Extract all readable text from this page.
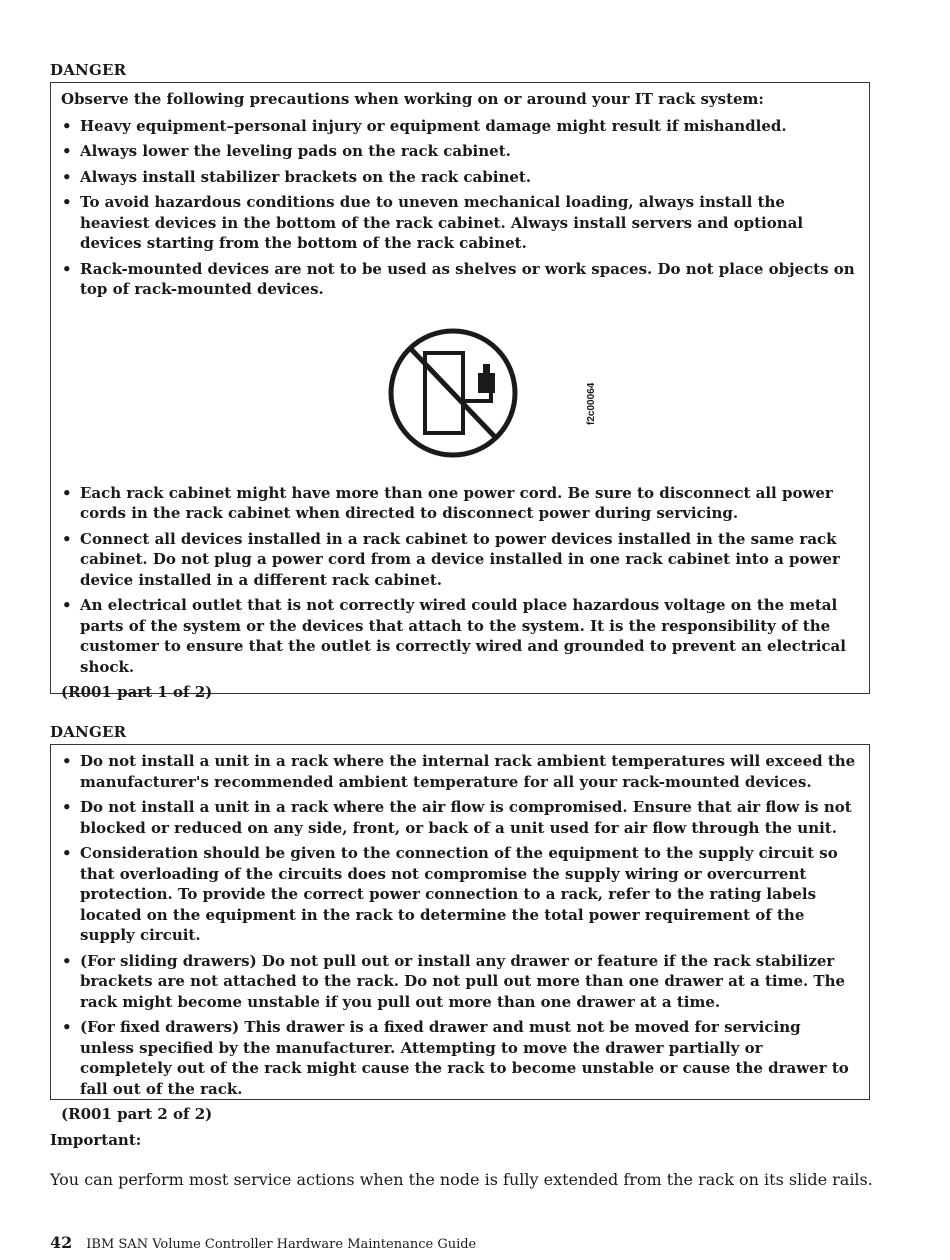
DANGER

Observe the following precautions when working on or around your IT rack system:

• Heavy equipment–personal injury or equipment damage might result if mishandled.
• Always lower the leveling pads on the rack cabinet.
• Always install stabilizer brackets on the rack cabinet.
• To avoid hazardous conditions due to uneven mechanical loading, always install the heaviest devices in the bottom of the rack cabinet. Always install servers and optional devices starting from the bottom of the rack cabinet.
• Rack-mounted devices are not to be used as shelves or work spaces. Do not place objects on top of rack-mounted devices.
f2c00064
• Each rack cabinet might have more than one power cord. Be sure to disconnect all power cords in the rack cabinet when directed to disconnect power during servicing.
• Connect all devices installed in a rack cabinet to power devices installed in the same rack cabinet. Do not plug a power cord from a device installed in one rack cabinet into a power device installed in a different rack cabinet.
• An electrical outlet that is not correctly wired could place hazardous voltage on the metal parts of the system or the devices that attach to the system. It is the responsibility of the customer to ensure that the outlet is correctly wired and grounded to prevent an electrical shock.

(R001 part 1 of 2)

DANGER
• Do not install a unit in a rack where the internal rack ambient temperatures will exceed the manufacturer's recommended ambient temperature for all your rack-mounted devices.
• Do not install a unit in a rack where the air flow is compromised. Ensure that air flow is not blocked or reduced on any side, front, or back of a unit used for air flow through the unit.
• Consideration should be given to the connection of the equipment to the supply circuit so that overloading of the circuits does not compromise the supply wiring or overcurrent protection. To provide the correct power connection to a rack, refer to the rating labels located on the equipment in the rack to determine the total power requirement of the supply circuit.
• (For sliding drawers) Do not pull out or install any drawer or feature if the rack stabilizer brackets are not attached to the rack. Do not pull out more than one drawer at a time. The rack might become unstable if you pull out more than one drawer at a time.
• (For fixed drawers) This drawer is a fixed drawer and must not be moved for servicing unless specified by the manufacturer. Attempting to move the drawer partially or completely out of the rack might cause the rack to become unstable or cause the drawer to fall out of the rack.

(R001 part 2 of 2)

Important:
You can perform most service actions when the node is fully extended from the rack on its slide rails.
42 IBM SAN Volume Controller Hardware Maintenance Guide
